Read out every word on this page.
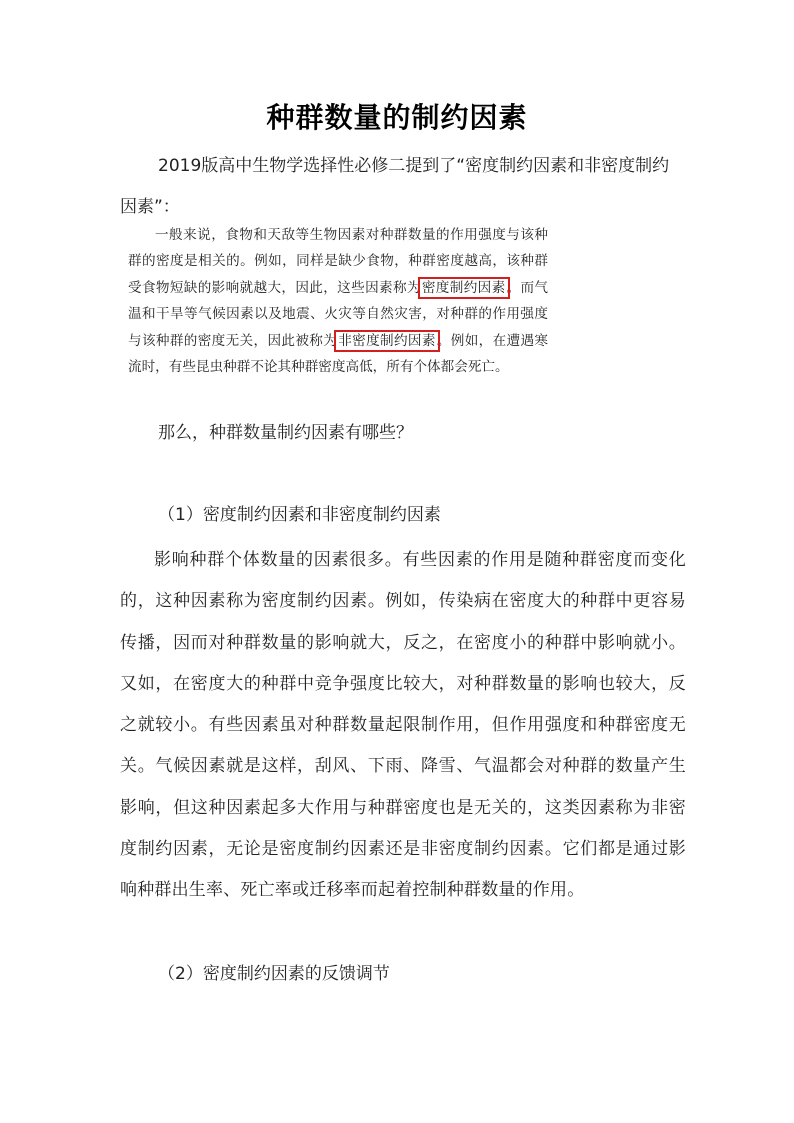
种群数量的制约因素
2019版高中生物学选择性必修二提到了“密度制约因素和非密度制约因素”：
一般来说，食物和天敌等生物因素对种群数量的作用强度与该种群的密度是相关的。例如，同样是缺少食物，种群密度越高，该种群受食物短缺的影响就越大，因此，这些因素称为密度制约因素。而气温和干旱等气候因素以及地震、火灾等自然灾害，对种群的作用强度与该种群的密度无关，因此被称为非密度制约因素。例如，在遭遇寒流时，有些昆虫种群不论其种群密度高低，所有个体都会死亡。
那么，种群数量制约因素有哪些？
（1）密度制约因素和非密度制约因素
影响种群个体数量的因素很多。有些因素的作用是随种群密度而变化的，这种因素称为密度制约因素。例如，传染病在密度大的种群中更容易传播，因而对种群数量的影响就大，反之，在密度小的种群中影响就小。又如，在密度大的种群中竞争强度比较大，对种群数量的影响也较大，反之就较小。有些因素虽对种群数量起限制作用，但作用强度和种群密度无关。气候因素就是这样，刮风、下雨、降雪、气温都会对种群的数量产生影响，但这种因素起多大作用与种群密度也是无关的，这类因素称为非密度制约因素，无论是密度制约因素还是非密度制约因素。它们都是通过影响种群出生率、死亡率或迁移率而起着控制种群数量的作用。
（2）密度制约因素的反馈调节
